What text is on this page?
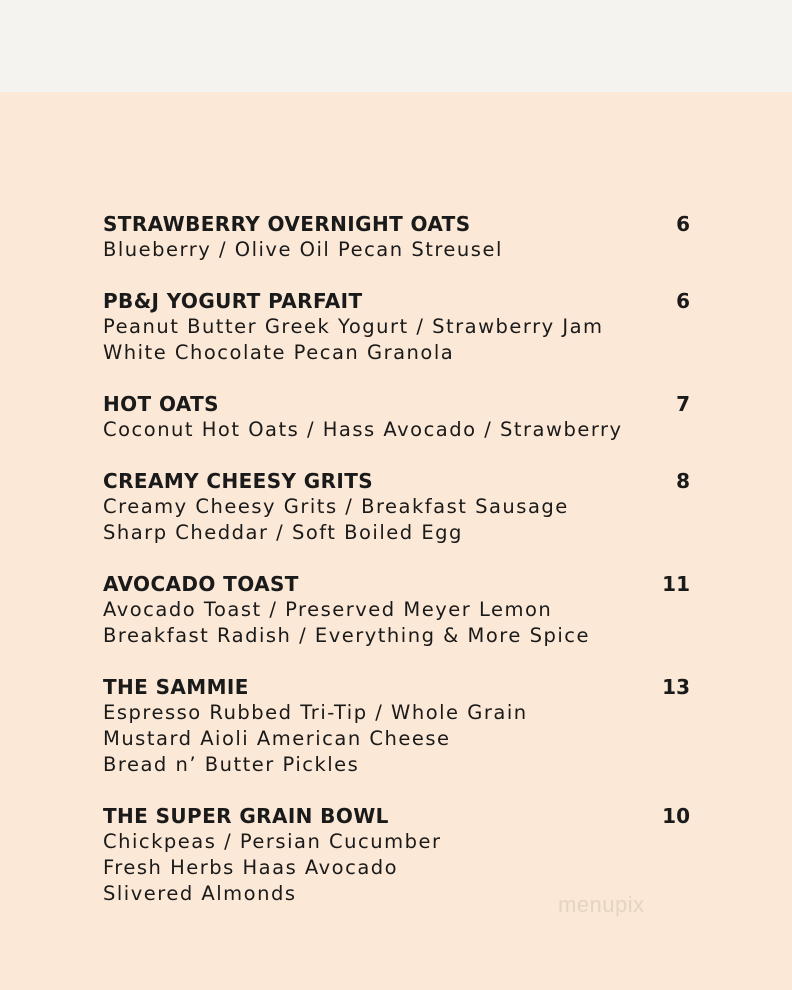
STRAWBERRY OVERNIGHT OATS	6
Blueberry / Olive Oil Pecan Streusel
PB&J YOGURT PARFAIT	6
Peanut Butter Greek Yogurt / Strawberry Jam
White Chocolate Pecan Granola
HOT OATS	7
Coconut Hot Oats / Hass Avocado / Strawberry
CREAMY CHEESY GRITS	8
Creamy Cheesy Grits / Breakfast Sausage
Sharp Cheddar / Soft Boiled Egg
AVOCADO TOAST	11
Avocado Toast / Preserved Meyer Lemon
Breakfast Radish / Everything & More Spice
THE SAMMIE	13
Espresso Rubbed Tri-Tip / Whole Grain
Mustard Aioli American Cheese
Bread n’ Butter Pickles
THE SUPER GRAIN BOWL	10
Chickpeas / Persian Cucumber
Fresh Herbs Haas Avocado
Slivered Almonds	menupix
